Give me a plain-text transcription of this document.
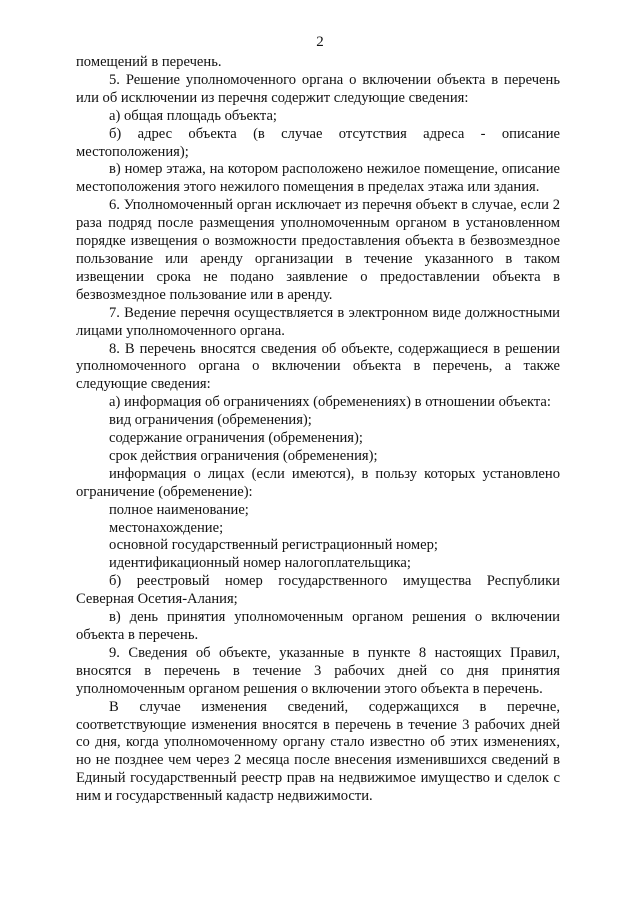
2

помещений в перечень.

5. Решение уполномоченного органа о включении объекта в перечень или об исключении из перечня содержит следующие сведения:

а) общая площадь объекта;

б) адрес объекта (в случае отсутствия адреса - описание местоположения);

в) номер этажа, на котором расположено нежилое помещение, описание местоположения этого нежилого помещения в пределах этажа или здания.

6. Уполномоченный орган исключает из перечня объект в случае, если 2 раза подряд после размещения уполномоченным органом в установленном порядке извещения о возможности предоставления объекта в безвозмездное пользование или аренду организации в течение указанного в таком извещении срока не подано заявление о предоставлении объекта в безвозмездное пользование или в аренду.

7. Ведение перечня осуществляется в электронном виде должностными лицами уполномоченного органа.

8. В перечень вносятся сведения об объекте, содержащиеся в решении уполномоченного органа о включении объекта в перечень, а также следующие сведения:

а) информация об ограничениях (обременениях) в отношении объекта:

вид ограничения (обременения);

содержание ограничения (обременения);

срок действия ограничения (обременения);

информация о лицах (если имеются), в пользу которых установлено ограничение (обременение):

полное наименование;

местонахождение;

основной государственный регистрационный номер;

идентификационный номер налогоплательщика;

б) реестровый номер государственного имущества Республики Северная Осетия-Алания;

в) день принятия уполномоченным органом решения о включении объекта в перечень.

9. Сведения об объекте, указанные в пункте 8 настоящих Правил, вносятся в перечень в течение 3 рабочих дней со дня принятия уполномоченным органом решения о включении этого объекта в перечень.

В случае изменения сведений, содержащихся в перечне, соответствующие изменения вносятся в перечень в течение 3 рабочих дней со дня, когда уполномоченному органу стало известно об этих изменениях, но не позднее чем через 2 месяца после внесения изменившихся сведений в Единый государственный реестр прав на недвижимое имущество и сделок с ним и государственный кадастр недвижимости.
